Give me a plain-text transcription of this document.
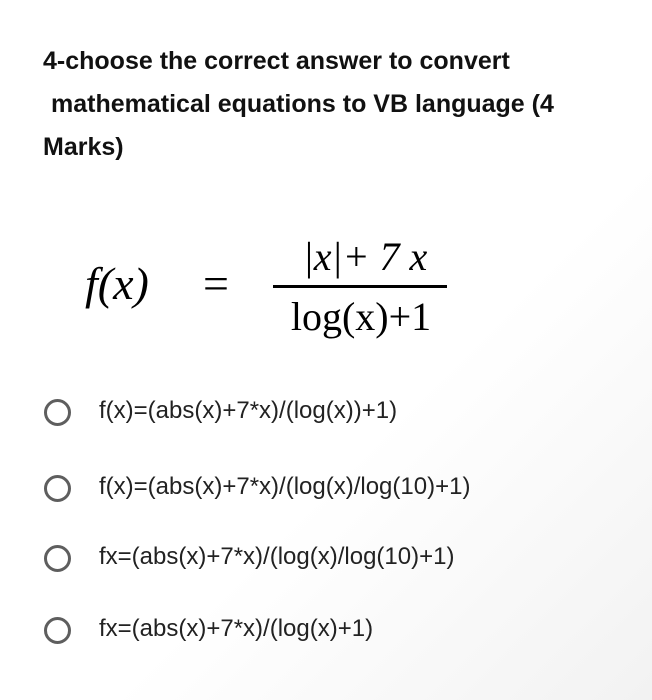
4-choose the correct answer to convert
mathematical equations to VB language (4
Marks)
f(x) =
|x|+ 7 x
log(x)+1
f(x)=(abs(x)+7*x)/(log(x))+1)
f(x)=(abs(x)+7*x)/(log(x)/log(10)+1)
fx=(abs(x)+7*x)/(log(x)/log(10)+1)
fx=(abs(x)+7*x)/(log(x)+1)
